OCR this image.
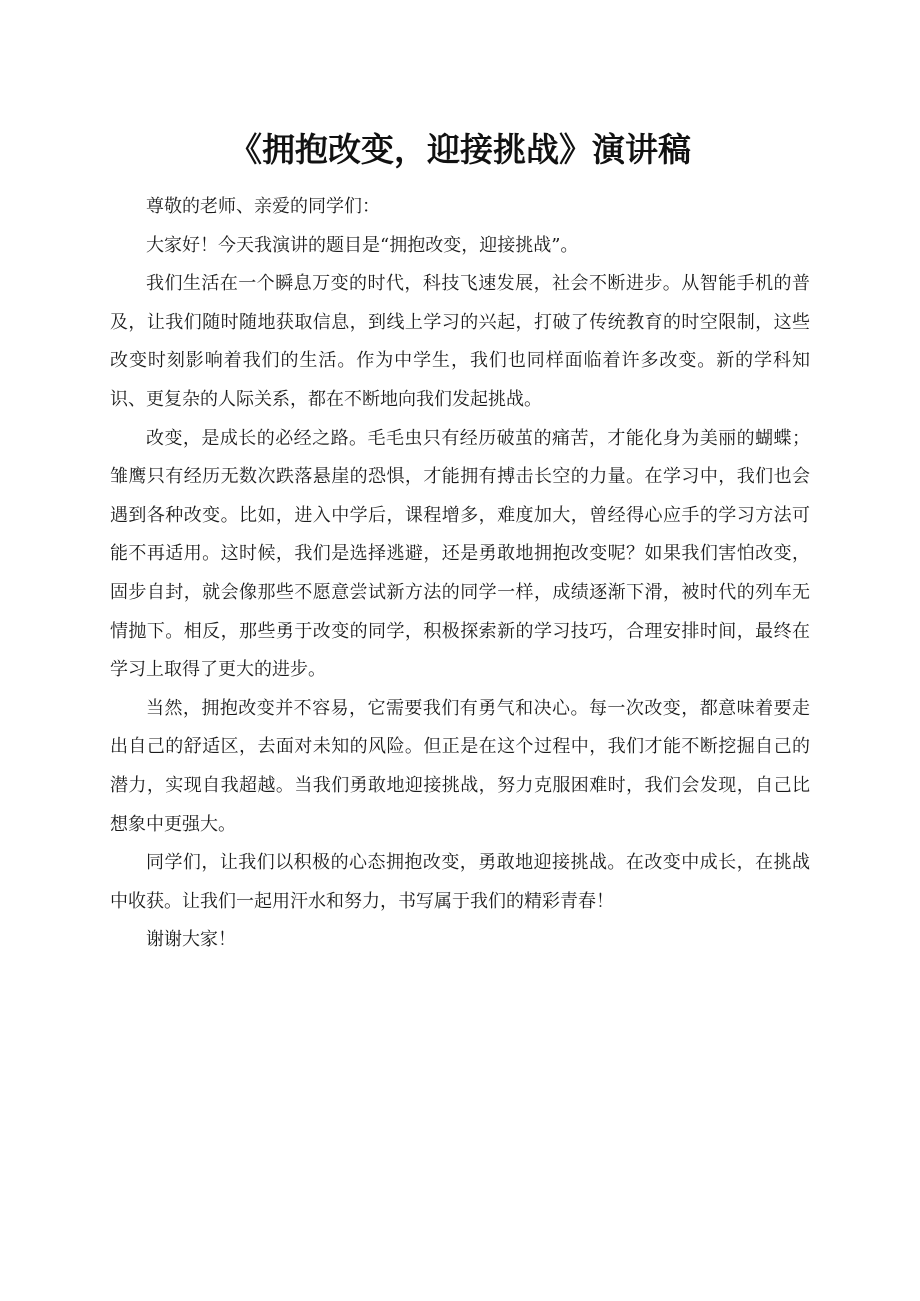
《拥抱改变，迎接挑战》演讲稿

尊敬的老师、亲爱的同学们：

大家好！今天我演讲的题目是“拥抱改变，迎接挑战”。

我们生活在一个瞬息万变的时代，科技飞速发展，社会不断进步。从智能手机的普及，让我们随时随地获取信息，到线上学习的兴起，打破了传统教育的时空限制，这些改变时刻影响着我们的生活。作为中学生，我们也同样面临着许多改变。新的学科知识、更复杂的人际关系，都在不断地向我们发起挑战。

改变，是成长的必经之路。毛毛虫只有经历破茧的痛苦，才能化身为美丽的蝴蝶；雏鹰只有经历无数次跌落悬崖的恐惧，才能拥有搏击长空的力量。在学习中，我们也会遇到各种改变。比如，进入中学后，课程增多，难度加大，曾经得心应手的学习方法可能不再适用。这时候，我们是选择逃避，还是勇敢地拥抱改变呢？如果我们害怕改变，固步自封，就会像那些不愿意尝试新方法的同学一样，成绩逐渐下滑，被时代的列车无情抛下。相反，那些勇于改变的同学，积极探索新的学习技巧，合理安排时间，最终在学习上取得了更大的进步。

当然，拥抱改变并不容易，它需要我们有勇气和决心。每一次改变，都意味着要走出自己的舒适区，去面对未知的风险。但正是在这个过程中，我们才能不断挖掘自己的潜力，实现自我超越。当我们勇敢地迎接挑战，努力克服困难时，我们会发现，自己比想象中更强大。

同学们，让我们以积极的心态拥抱改变，勇敢地迎接挑战。在改变中成长，在挑战中收获。让我们一起用汗水和努力，书写属于我们的精彩青春！

谢谢大家！
